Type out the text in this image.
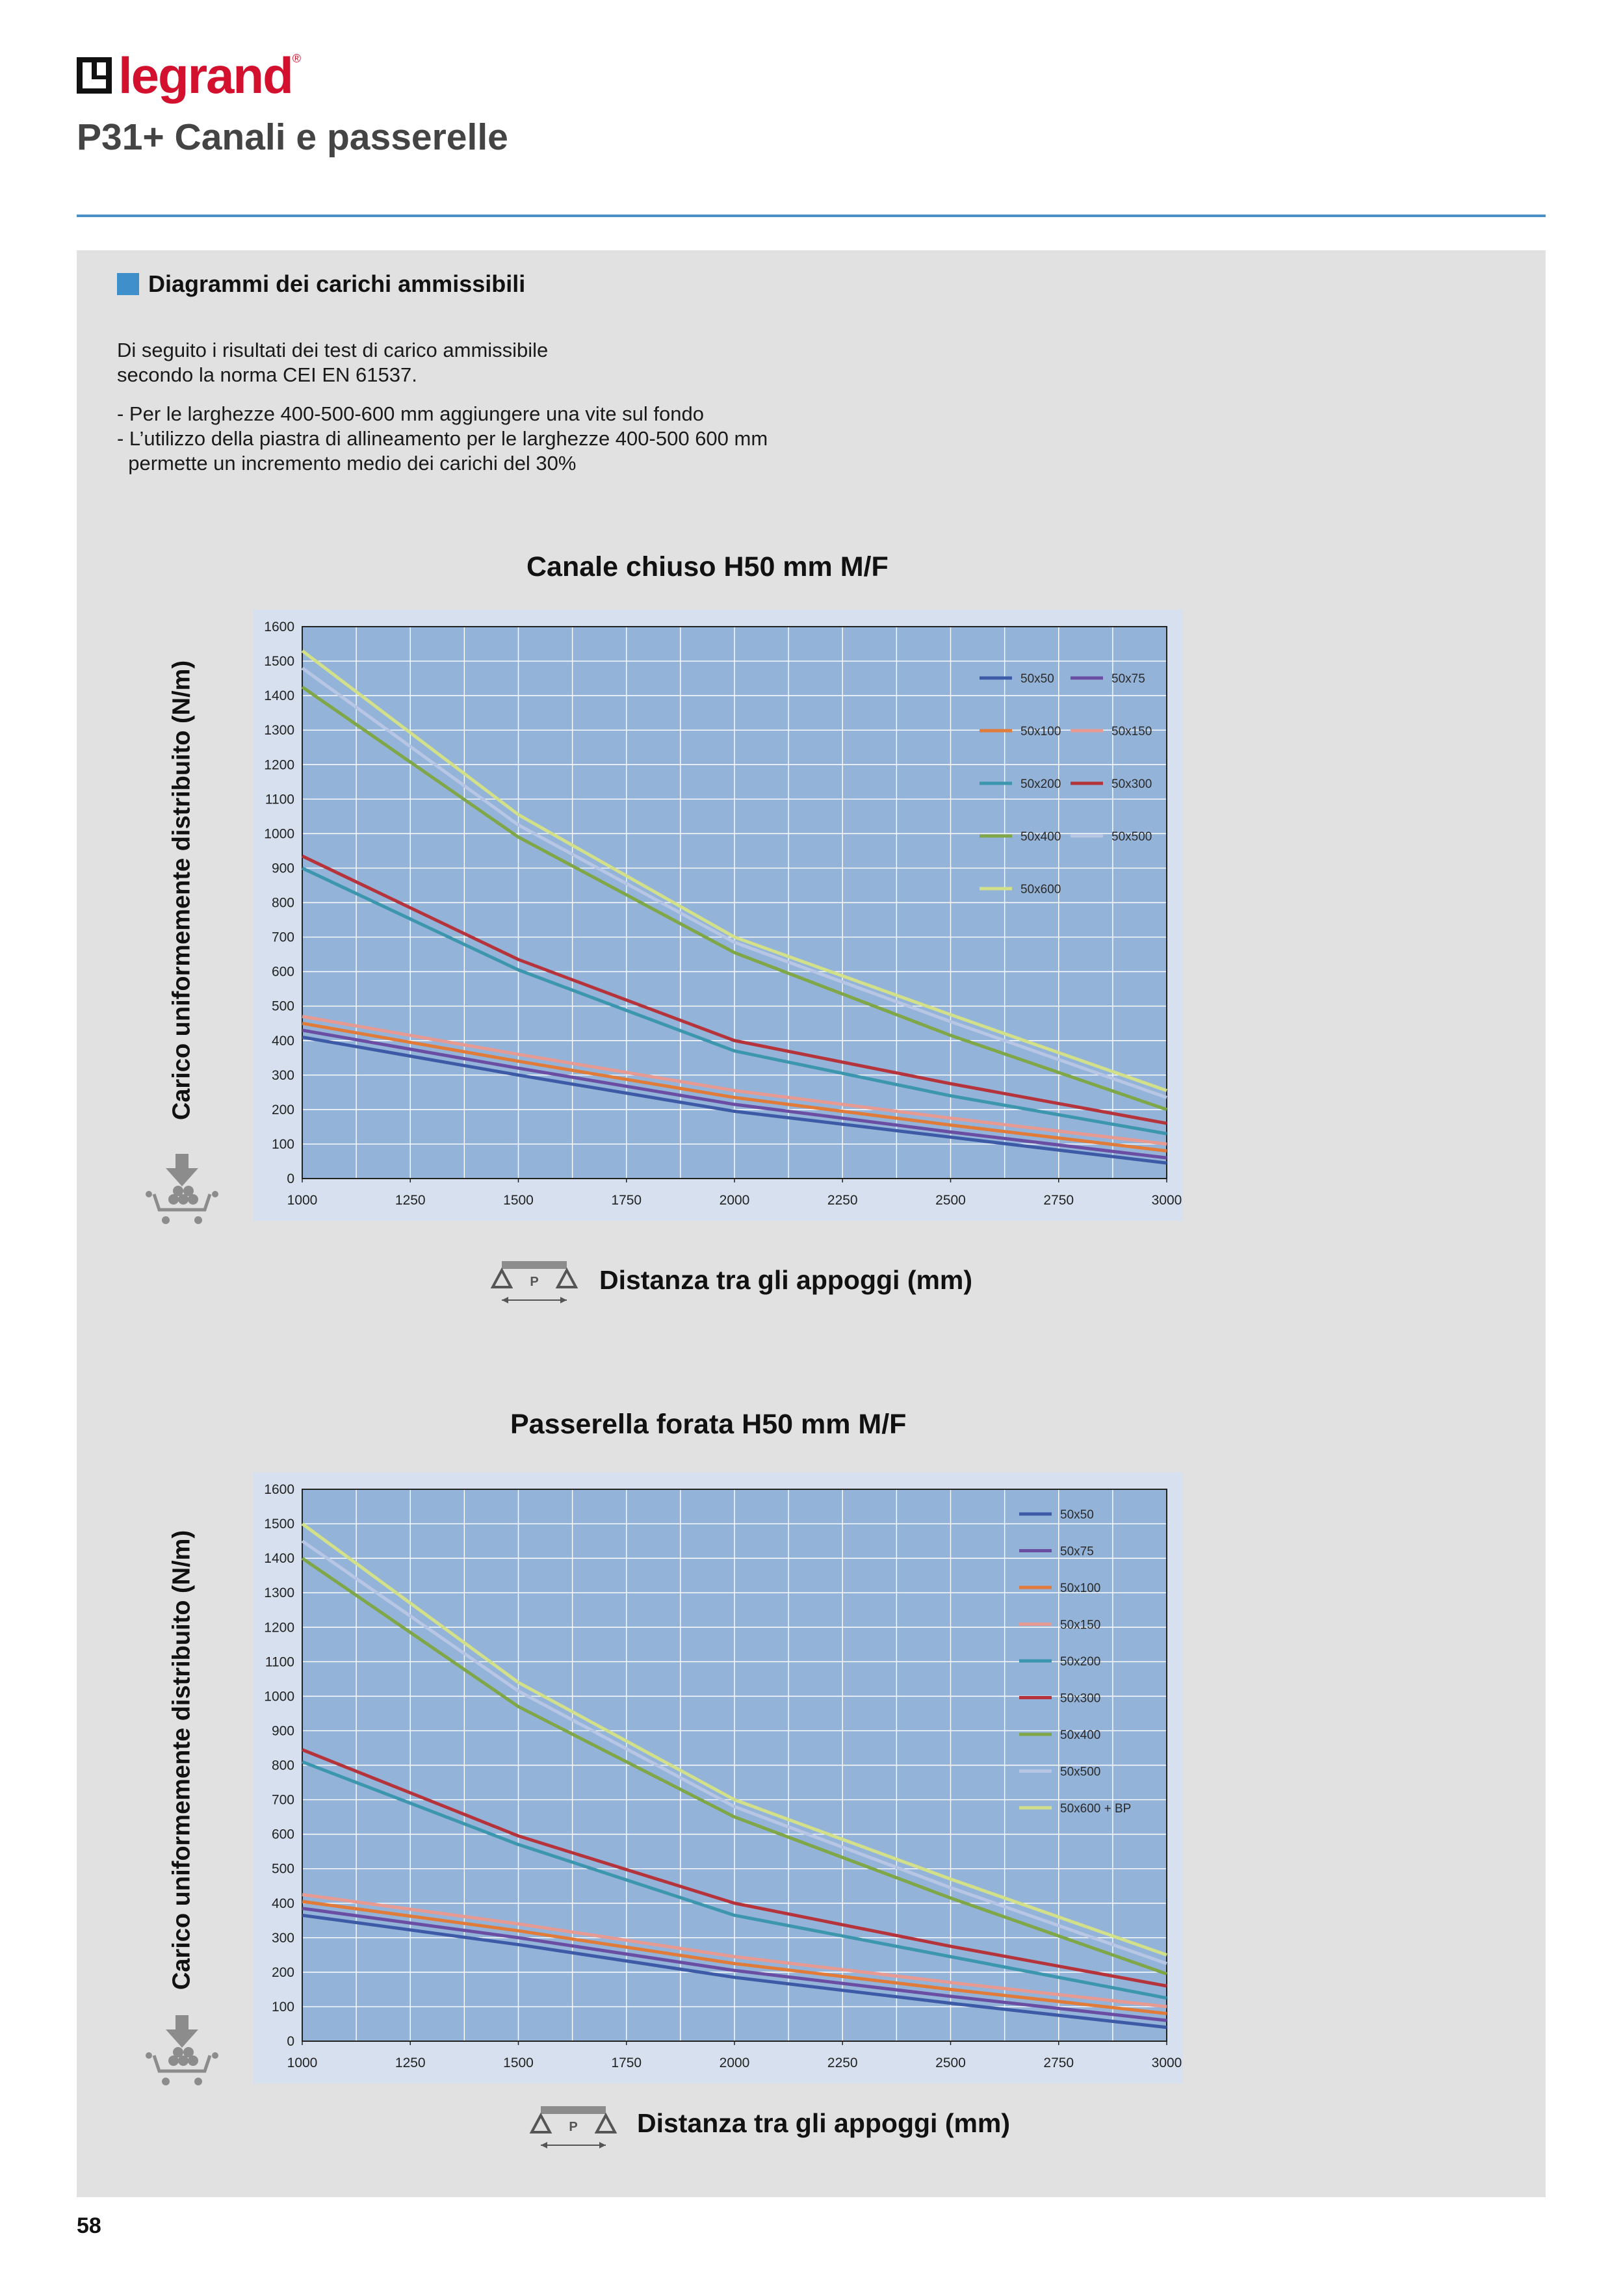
legrand ®
P31+ Canali e passerelle
Diagrammi dei carichi ammissibili

Di seguito i risultati dei test di carico ammissibile

secondo la norma CEI EN 61537.

- Per le larghezze 400-500-600 mm aggiungere una vite sul fondo

- L’utilizzo della piastra di allineamento per le larghezze 400-500 600 mm

permette un incremento medio dei carichi del 30%

Canale chiuso H50 mm M/F
Carico uniformemente distribuito (N/m)
1000	1250	1500	1750	2000	2250	2500	2750	3000
0
100
200
300
400
500
600
700
800
900
1000
1100
1200
1300
1400
1500
1600
50x50	50x75
50x100	50x150
50x200	50x300
50x400	50x500
50x600
P Distanza tra gli appoggi (mm)
Passerella forata H50 mm M/F
Carico uniformemente distribuito (N/m)
1000	1250	1500	1750	2000	2250	2500	2750	3000
0
100
200
300
400
500
600
700
800
900
1000
1100
1200
1300
1400
1500
1600
50x50
50x75
50x100
50x150
50x200
50x300
50x400
50x500
50x600 + BP
P Distanza tra gli appoggi (mm)
58
